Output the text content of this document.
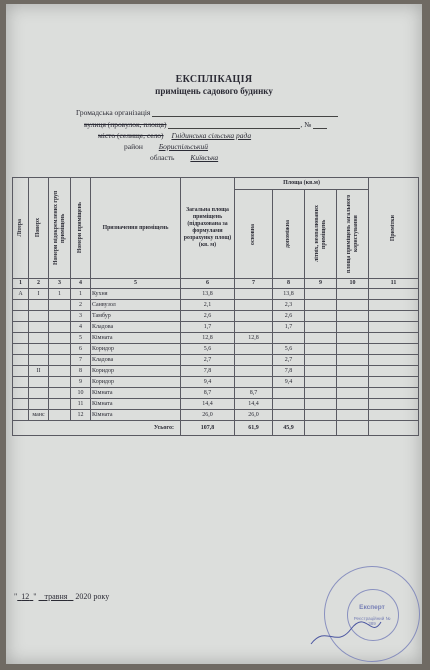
ЕКСПЛІКАЦІЯ
приміщень садового будинку
Громадська організація
вулиця (провулок, площа)	, №
місто (селище, село) Гнідинська сільська рада
район Бориспільський
область Київська
Літера	Поверх	Номери відокремлених груп приміщень	Номери приміщень	Призначення приміщень	Загальна площа приміщень (підрахована за формулами розрахунку площ) (кв. м)	Площа (кв.м)				Примітки

						основна	допоміжна	літніх, неопалюваних приміщень	площа приміщень загального користування	

1	2	3	4	5	6	7	8	9	10	11
А	І	1	1	Кухня	13,8		13,8			
			2	Санвузол	2,1		2,3			
			3	Тамбур	2,6		2,6			
			4	Кладова	1,7		1,7			
			5	Кімната	12,8	12,8				
			6	Коридор	5,6		5,6			
			7	Кладова	2,7		2,7			
	ІІ		8	Коридор	7,8		7,8			
			9	Коридор	9,4		9,4			
			10	Кімната	8,7	8,7				
			11	Кімната	14,4	14,4				
	манс		12	Кімната	26,0	26,0				
Усього:					107,8	61,9	45,9			
" 12 "    травня 2020 року
Експерт
Реєстраційний № 389
